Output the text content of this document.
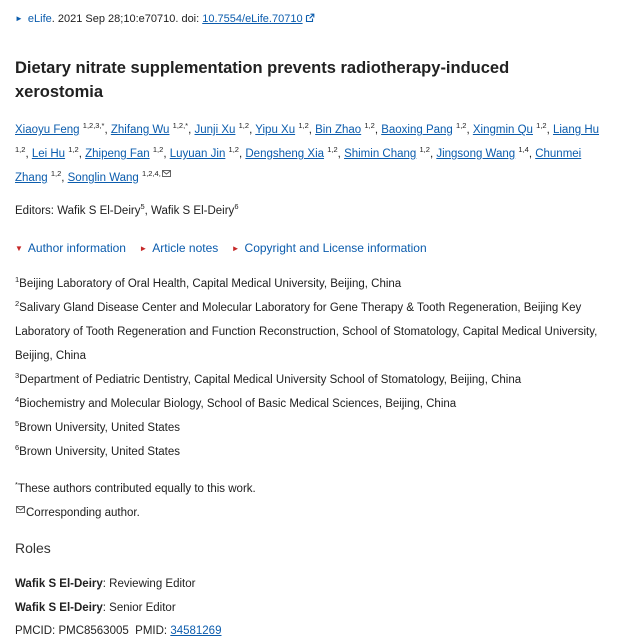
► eLife. 2021 Sep 28;10:e70710. doi: 10.7554/eLife.70710
Dietary nitrate supplementation prevents radiotherapy-induced xerostomia
Xiaoyu Feng $^{1,2,3,*}$, Zhifang Wu $^{1,2,*}$, Junji Xu $^{1,2}$, Yipu Xu $^{1,2}$, Bin Zhao $^{1,2}$, Baoxing Pang $^{1,2}$, Xingmin Qu $^{1,2}$, Liang Hu $^{1,2}$, Lei Hu $^{1,2}$, Zhipeng Fan $^{1,2}$, Luyuan Jin $^{1,2}$, Dengsheng Xia $^{1,2}$, Shimin Chang $^{1,2}$, Jingsong Wang $^{1,4}$, Chunmei Zhang $^{1,2}$, Songlin Wang $^{1,2,4,}$
Editors: Wafik S El-Deiry$^5$, Wafik S El-Deiry$^6$
▼ Author information ► Article notes ► Copyright and License information
$^1$Beijing Laboratory of Oral Health, Capital Medical University, Beijing, China
$^2$Salivary Gland Disease Center and Molecular Laboratory for Gene Therapy & Tooth Regeneration, Beijing Key Laboratory of Tooth Regeneration and Function Reconstruction, School of Stomatology, Capital Medical University, Beijing, China
$^3$Department of Pediatric Dentistry, Capital Medical University School of Stomatology, Beijing, China
$^4$Biochemistry and Molecular Biology, School of Basic Medical Sciences, Beijing, China
$^5$Brown University, United States
$^6$Brown University, United States
*These authors contributed equally to this work.
Corresponding author.
Roles
Wafik S El-Deiry: Reviewing Editor
Wafik S El-Deiry: Senior Editor
PMCID: PMC8563005 PMID: 34581269
